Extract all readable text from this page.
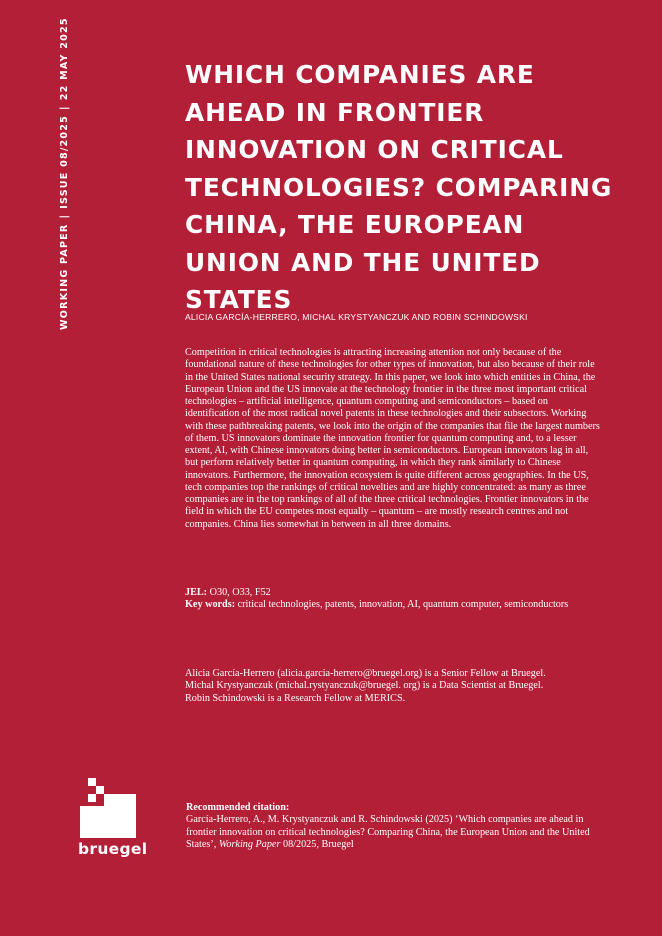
WORKING PAPER|ISSUE 08/2025|22 MAY 2025	WHICH COMPANIES ARE AHEAD IN FRONTIER INNOVATION ON CRITICAL TECHNOLOGIES? COMPARING CHINA, THE EUROPEAN UNION AND THE UNITED STATES

ALICIA GARCÍA-HERRERO, MICHAL KRYSTYANCZUK AND ROBIN SCHINDOWSKI

Competition in critical technologies is attracting increasing attention not only because of the foundational nature of these technologies for other types of innovation, but also because of their role in the United States national security strategy. In this paper, we look into which entities in China, the European Union and the US innovate at the technology frontier in the three most important critical technologies – artificial intelligence, quantum computing and semiconductors – based on identification of the most radical novel patents in these technologies and their subsectors. Working with these pathbreaking patents, we look into the origin of the companies that file the largest numbers of them. US innovators dominate the innovation frontier for quantum computing and, to a lesser extent, AI, with Chinese innovators doing better in semiconductors. European innovators lag in all, but perform relatively better in quantum computing, in which they rank similarly to Chinese innovators. Furthermore, the innovation ecosystem is quite different across geographies. In the US, tech companies top the rankings of critical novelties and are highly concentrated: as many as three companies are in the top rankings of all of the three critical technologies. Frontier innovators in the field in which the EU competes most equally – quantum – are mostly research centres and not companies. China lies somewhat in between in all three domains.

JEL: O30, O33, F52

Key words: critical technologies, patents, innovation, AI, quantum computer, semiconductors

Alicia García-Herrero (alicia.garcia-herrero@bruegel.org) is a Senior Fellow at Bruegel.

Michal Krystyanczuk (michal.rystyanczuk@bruegel. org) is a Data Scientist at Bruegel.

Robin Schindowski is a Research Fellow at MERICS.

bruegel

Recommended citation:

García-Herrero, A., M. Krystyanczuk and R. Schindowski (2025) ‘Which companies are ahead in frontier innovation on critical technologies? Comparing China, the European Union and the United States’, Working Paper 08/2025, Bruegel
